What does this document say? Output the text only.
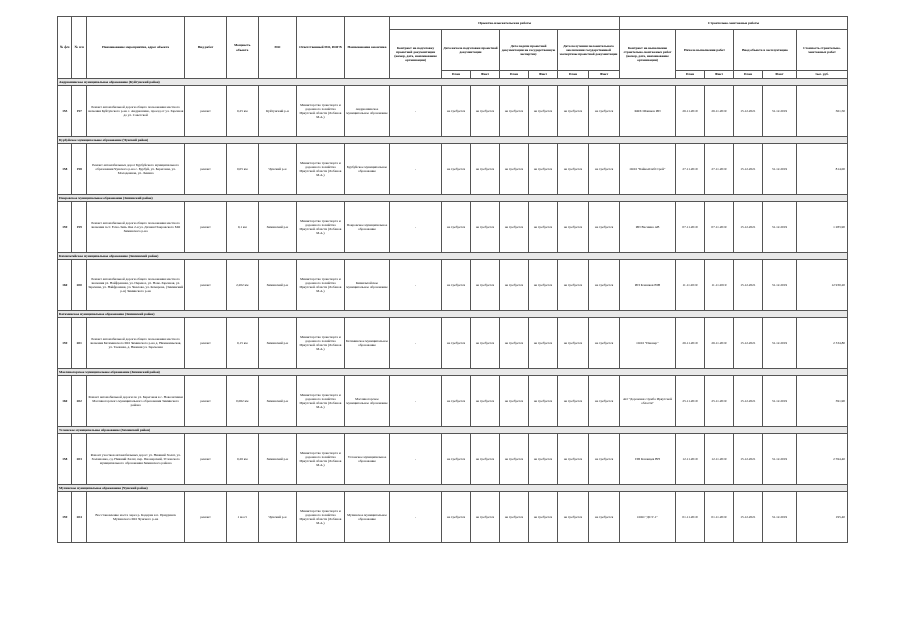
№ ф/п	№ п/п	Наименование мероприятия, адрес объекта	Вид работ	Мощность объекта	МО	Ответственный МО, ИОГВ	Наименование заказчика	Проектно-изыскательские работы							Строительно-монтажные работы					
								Контракт на подготовку проектной документации (номер, дата, наименование организации)	Дата начала подготовки проектной документации		Дата подачи проектной документации на государственную экспертизу		Дата получения положительного заключения государственной экспертизы проектной документации		Контракт на выполнение строительно-монтажных работ (номер, дата, наименование организации)	Начало выполнения работ		Ввод объекта в эксплуатацию		Стоимость строительно-монтажных работ
									План	Факт	План	Факт	План	Факт		План	Факт	План	Факт	тыс. руб.
Андрюшинское муниципальное образование (Куйтунский район)																				
155	197	Ремонт автомобильной дороги общего пользования местного значения Куйтунского р-на с. Андрюшино, проезд от ул. Заречная до ул. Советской	ремонт	0,25 км	Куйтунский р-н	Министерство транспорта и дорожного хозяйства Иркутской области (Лобанов М.А.)	Андрюшинское муниципальное образование	-	не требуется	не требуется	не требуется	не требуется	не требуется	не требуется	КФХ Шашков ИП	26.11.2019	26.11.2019	15.12.2021	31.12.2019	361,50
Бурбуйское муниципальное образование (Чунский район)																				
158	198	Ремонт автомобильных дорог Бурбуйского муниципального образования Чунского р-на с. Бурбуй, ул. Береговая, ул. Молодежная, ул. Ленина	ремонт	0,05 км	Чунский р-н	Министерство транспорта и дорожного хозяйства Иркутской области (Лобанов М.А.)	Бурбуйское муниципальное образование	-	не требуется	не требуется	не требуется	не требуется	не требуется	не требуется	ООО "БайкалСибСтрой"	27.11.2019	27.11.2019	15.12.2021	31.12.2019	814,00
Покровское муниципальное образование (Зиминский район)																				
159	199	Ремонт автомобильной дороги общего пользования местного значения п.ст. Есно-Зиль Ока 2-я ул. Дачная Покровского МО Зиминского р-на	ремонт	0,1 км	Зиминский р-н	Министерство транспорта и дорожного хозяйства Иркутской области (Лобанов М.А.)	Покровское муниципальное образование	-	не требуется	не требуется	не требуется	не требуется	не требуется	не требуется	ИП Веснина АВ	07.11.2019	07.11.2019	15.12.2021	31.12.2019	1 283,90
Кимильтейское муниципальное образование (Зиминский район)																				
160	200	Ремонт автомобильной дороги общего пользования местного значения ул. Найфранная, ул. Перевоз, ул. Ново-Заречная, ул. Заречная, ул. Найфранная, ул. Чкалова, ул. Комарова, (Зиминский р-н) Зиминского р-на	ремонт	2,202 км	Зиминский р-н	Министерство транспорта и дорожного хозяйства Иркутской области (Лобанов М.А.)	Кимильтейское муниципальное образование	-	не требуется	не требуется	не требуется	не требуется	не требуется	не требуется	ИП Клашков ЮВ	11.11.2019	11.11.2019	15.12.2021	31.12.2019	12 930,20
Батаминское муниципальное образование (Зиминский район)																				
159	201	Ремонт автомобильной дороги общего пользования местного значения Батаминского МО Зиминского р-на д. Нижнеиньская, ул. Таежная, д. Нижняя ул. Зареченая	ремонт	0,15 км	Зиминский р-н	Министерство транспорта и дорожного хозяйства Иркутской области (Лобанов М.А.)	Батаминское муниципальное образование	-	не требуется	не требуется	не требуется	не требуется	не требуется	не требуется	ООО "Пионер"	26.11.2019	26.11.2019	15.12.2021	31.12.2019	2 334,80
Масляногорское муниципальное образование (Зиминский район)																				
160	202	Ремонт автомобильной дороги по ул. Береговая в с. Новолетники Масляногорского муниципального образования Зиминского района	ремонт	0,062 км	Зиминский р-н	Министерство транспорта и дорожного хозяйства Иркутской области (Лобанов М.А.)	Масляногорское муниципальное образование	-	не требуется	не требуется	не требуется	не требуется	не требуется	не требуется	АО "Дорожная служба Иркутской области"	25.11.2019	25.11.2019	15.12.2021	31.12.2019	391,90
Услонское муниципальное образование (Зиминский район)																				
158	203	Ремонт участков автомобильных дорог: ул. Нижний Халат, ул. Халашовка, сд. Нижний Халат, пер. Пионерский, Услонского муниципального образования Зиминского района	ремонт	0,26 км	Зиминский р-н	Министерство транспорта и дорожного хозяйства Иркутской области (Лобанов М.А.)	Услонское муниципальное образование	-	не требуется	не требуется	не требуется	не требуется	не требуется	не требуется	ИП Казанцев ВН	12.11.2019	12.11.2019	15.12.2021	31.12.2019	2 594,40
Мухинское муниципальное образование (Чунский район)																				
159	204	Восстановление моста через р. Кадарчи в п. Приудинск Мухинского МО Чунского р-на	ремонт	1 мост	Чунский р-н	Министерство транспорта и дорожного хозяйства Иркутской области (Лобанов М.А.)	Мухинское муниципальное образование	-	не требуется	не требуется	не требуется	не требуется	не требуется	не требуется	ООО "ДСУ-1"	01.11.2019	01.11.2019	15.12.2021	31.12.2019	195,40
